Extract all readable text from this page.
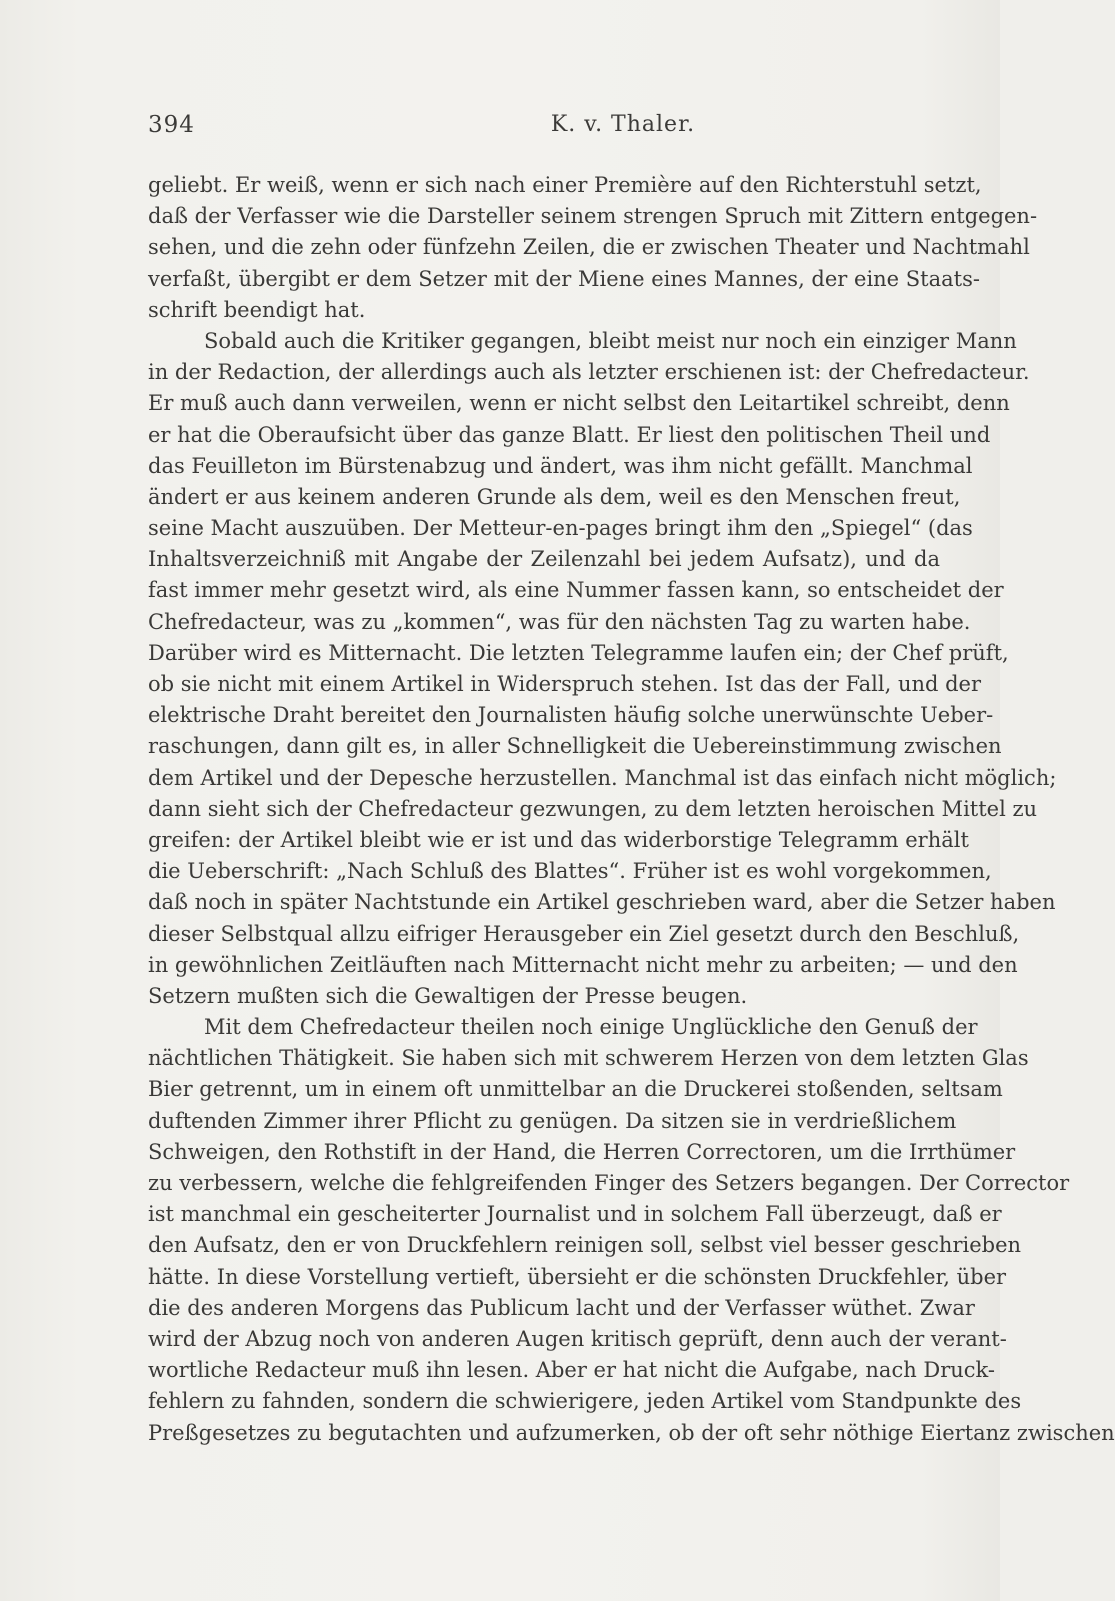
394	K. v. Thaler.
geliebt. Er weiß, wenn er sich nach einer Première auf den Richterstuhl setzt,
daß der Verfasser wie die Darsteller seinem strengen Spruch mit Zittern entgegen-
sehen, und die zehn oder fünfzehn Zeilen, die er zwischen Theater und Nachtmahl
verfaßt, übergibt er dem Setzer mit der Miene eines Mannes, der eine Staats-
schrift beendigt hat.
Sobald auch die Kritiker gegangen, bleibt meist nur noch ein einziger Mann
in der Redaction, der allerdings auch als letzter erschienen ist: der Chefredacteur.
Er muß auch dann verweilen, wenn er nicht selbst den Leitartikel schreibt, denn
er hat die Oberaufsicht über das ganze Blatt. Er liest den politischen Theil und
das Feuilleton im Bürstenabzug und ändert, was ihm nicht gefällt. Manchmal
ändert er aus keinem anderen Grunde als dem, weil es den Menschen freut,
seine Macht auszuüben. Der Metteur-en-pages bringt ihm den „Spiegel“ (das
Inhaltsverzeichniß mit Angabe der Zeilenzahl bei jedem Aufsatz), und da
fast immer mehr gesetzt wird, als eine Nummer fassen kann, so entscheidet der
Chefredacteur, was zu „kommen“, was für den nächsten Tag zu warten habe.
Darüber wird es Mitternacht. Die letzten Telegramme laufen ein; der Chef prüft,
ob sie nicht mit einem Artikel in Widerspruch stehen. Ist das der Fall, und der
elektrische Draht bereitet den Journalisten häufig solche unerwünschte Ueber-
raschungen, dann gilt es, in aller Schnelligkeit die Uebereinstimmung zwischen
dem Artikel und der Depesche herzustellen. Manchmal ist das einfach nicht möglich;
dann sieht sich der Chefredacteur gezwungen, zu dem letzten heroischen Mittel zu
greifen: der Artikel bleibt wie er ist und das widerborstige Telegramm erhält
die Ueberschrift: „Nach Schluß des Blattes“. Früher ist es wohl vorgekommen,
daß noch in später Nachtstunde ein Artikel geschrieben ward, aber die Setzer haben
dieser Selbstqual allzu eifriger Herausgeber ein Ziel gesetzt durch den Beschluß,
in gewöhnlichen Zeitläuften nach Mitternacht nicht mehr zu arbeiten; — und den
Setzern mußten sich die Gewaltigen der Presse beugen.
Mit dem Chefredacteur theilen noch einige Unglückliche den Genuß der
nächtlichen Thätigkeit. Sie haben sich mit schwerem Herzen von dem letzten Glas
Bier getrennt, um in einem oft unmittelbar an die Druckerei stoßenden, seltsam
duftenden Zimmer ihrer Pflicht zu genügen. Da sitzen sie in verdrießlichem
Schweigen, den Rothstift in der Hand, die Herren Correctoren, um die Irrthümer
zu verbessern, welche die fehlgreifenden Finger des Setzers begangen. Der Corrector
ist manchmal ein gescheiterter Journalist und in solchem Fall überzeugt, daß er
den Aufsatz, den er von Druckfehlern reinigen soll, selbst viel besser geschrieben
hätte. In diese Vorstellung vertieft, übersieht er die schönsten Druckfehler, über
die des anderen Morgens das Publicum lacht und der Verfasser wüthet. Zwar
wird der Abzug noch von anderen Augen kritisch geprüft, denn auch der verant-
wortliche Redacteur muß ihn lesen. Aber er hat nicht die Aufgabe, nach Druck-
fehlern zu fahnden, sondern die schwierigere, jeden Artikel vom Standpunkte des
Preßgesetzes zu begutachten und aufzumerken, ob der oft sehr nöthige Eiertanz zwischen
